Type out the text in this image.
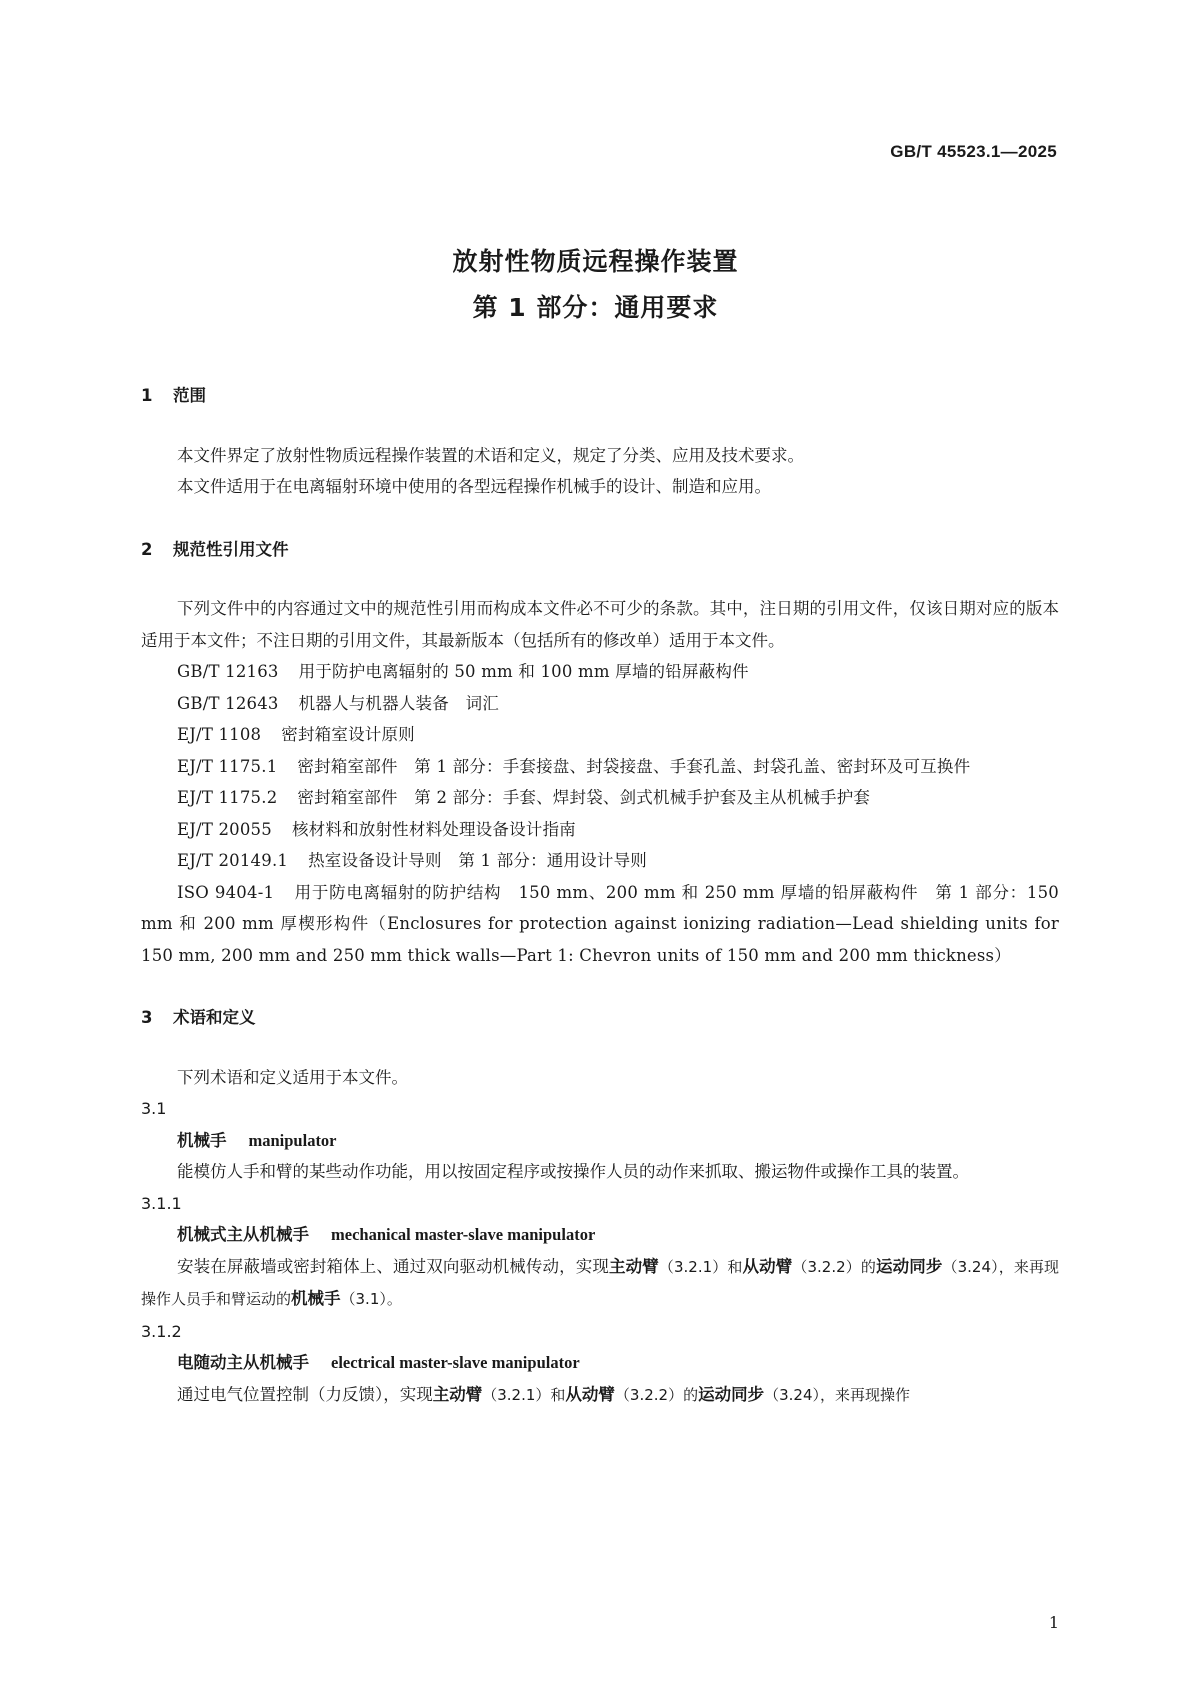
GB/T 45523.1—2025
放射性物质远程操作装置
第 1 部分：通用要求
1 范围

本文件界定了放射性物质远程操作装置的术语和定义，规定了分类、应用及技术要求。

本文件适用于在电离辐射环境中使用的各型远程操作机械手的设计、制造和应用。

2 规范性引用文件

下列文件中的内容通过文中的规范性引用而构成本文件必不可少的条款。其中，注日期的引用文件，仅该日期对应的版本适用于本文件；不注日期的引用文件，其最新版本（包括所有的修改单）适用于本文件。

GB/T 12163 用于防护电离辐射的 50 mm 和 100 mm 厚墙的铅屏蔽构件

GB/T 12643 机器人与机器人装备　词汇

EJ/T 1108 密封箱室设计原则

EJ/T 1175.1 密封箱室部件　第 1 部分：手套接盘、封袋接盘、手套孔盖、封袋孔盖、密封环及可互换件

EJ/T 1175.2 密封箱室部件　第 2 部分：手套、焊封袋、剑式机械手护套及主从机械手护套

EJ/T 20055 核材料和放射性材料处理设备设计指南

EJ/T 20149.1 热室设备设计导则　第 1 部分：通用设计导则

ISO 9404-1 用于防电离辐射的防护结构　150 mm、200 mm 和 250 mm 厚墙的铅屏蔽构件　第 1 部分：150 mm 和 200 mm 厚楔形构件（Enclosures for protection against ionizing radiation—Lead shielding units for 150 mm, 200 mm and 250 mm thick walls—Part 1: Chevron units of 150 mm and 200 mm thickness）

3 术语和定义

下列术语和定义适用于本文件。

3.1
机械手 manipulator

能模仿人手和臂的某些动作功能，用以按固定程序或按操作人员的动作来抓取、搬运物件或操作工具的装置。

3.1.1
机械式主从机械手 mechanical master-slave manipulator

安装在屏蔽墙或密封箱体上、通过双向驱动机械传动，实现主动臂（3.2.1）和从动臂（3.2.2）的运动同步（3.24），来再现操作人员手和臂运动的机械手（3.1）。

3.1.2
电随动主从机械手 electrical master-slave manipulator

通过电气位置控制（力反馈），实现主动臂（3.2.1）和从动臂（3.2.2）的运动同步（3.24），来再现操作

1
